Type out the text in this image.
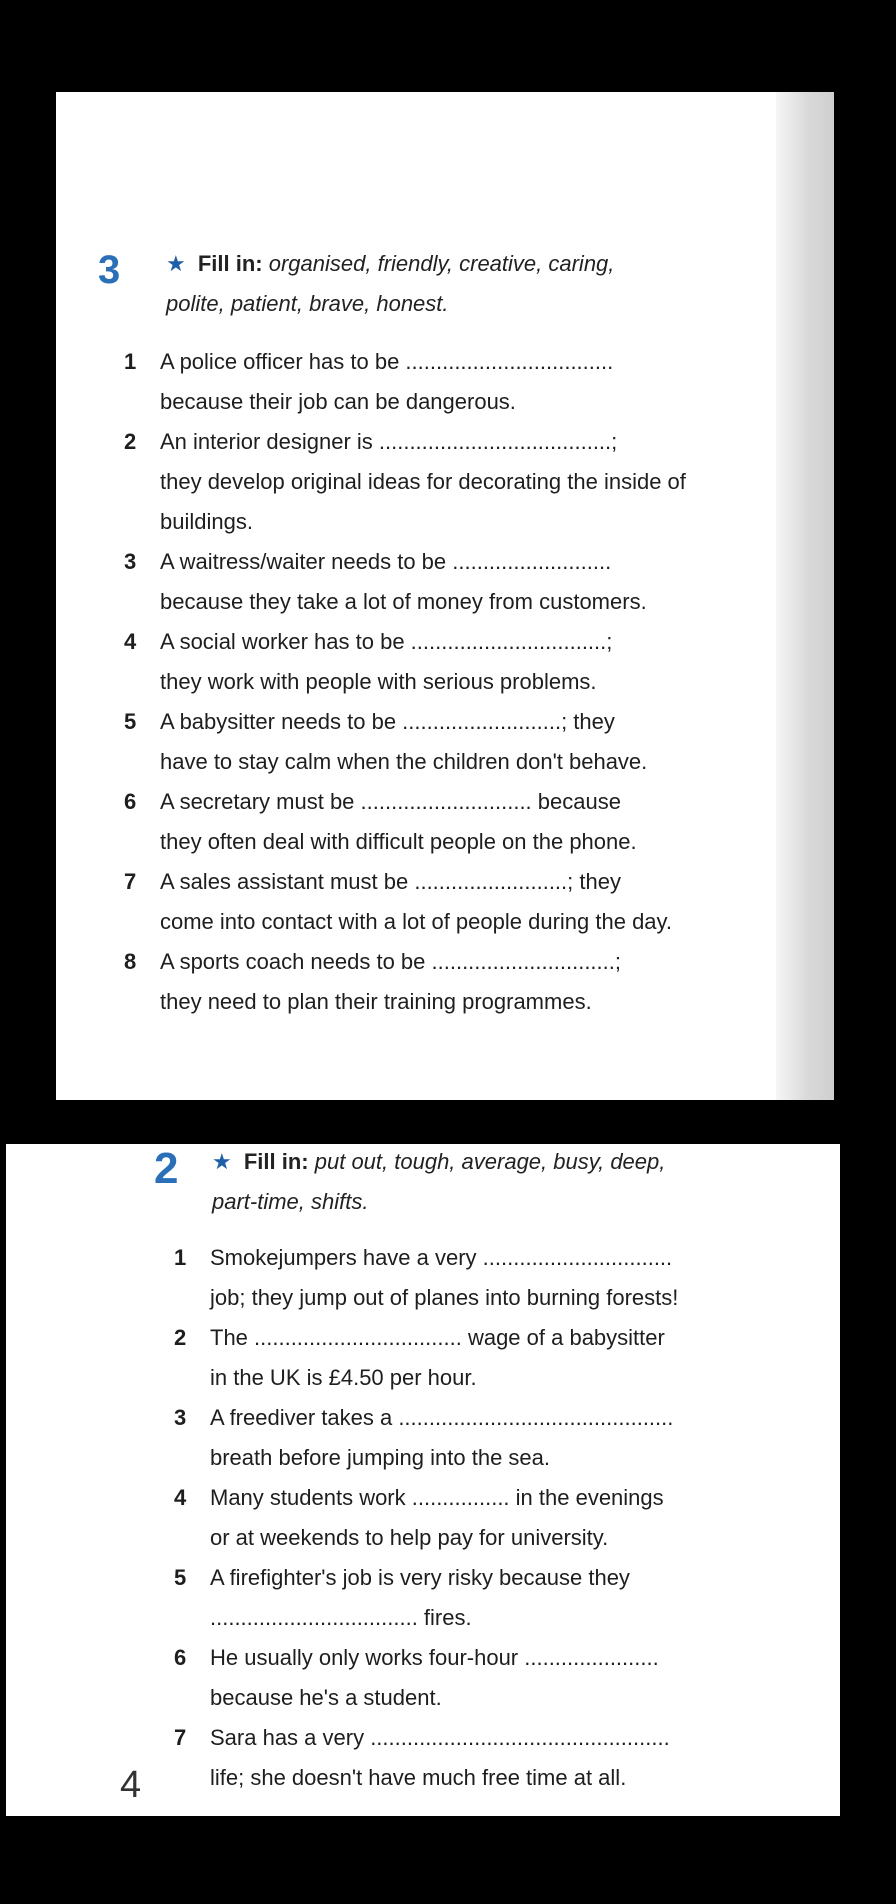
3 ★ Fill in: organised, friendly, creative, caring,
polite, patient, brave, honest.
1 A police officer has to be ..................................
because their job can be dangerous.
2 An interior designer is ......................................;
they develop original ideas for decorating the inside of buildings.
3 A waitress/waiter needs to be ..........................
because they take a lot of money from customers.
4 A social worker has to be ................................;
they work with people with serious problems.
5 A babysitter needs to be ..........................; they
have to stay calm when the children don't behave.
6 A secretary must be ............................ because
they often deal with difficult people on the phone.
7 A sales assistant must be .........................; they
come into contact with a lot of people during the day.
8 A sports coach needs to be ..............................;
they need to plan their training programmes.
2 ★ Fill in: put out, tough, average, busy, deep,
part-time, shifts.
1 Smokejumpers have a very ...............................
job; they jump out of planes into burning forests!
2 The .................................. wage of a babysitter
in the UK is £4.50 per hour.
3 A freediver takes a .............................................
breath before jumping into the sea.
4 Many students work ................ in the evenings
or at weekends to help pay for university.
5 A firefighter's job is very risky because they
.................................. fires.
6 He usually only works four-hour ......................
because he's a student.
7 Sara has a very .................................................
life; she doesn't have much free time at all.
4
